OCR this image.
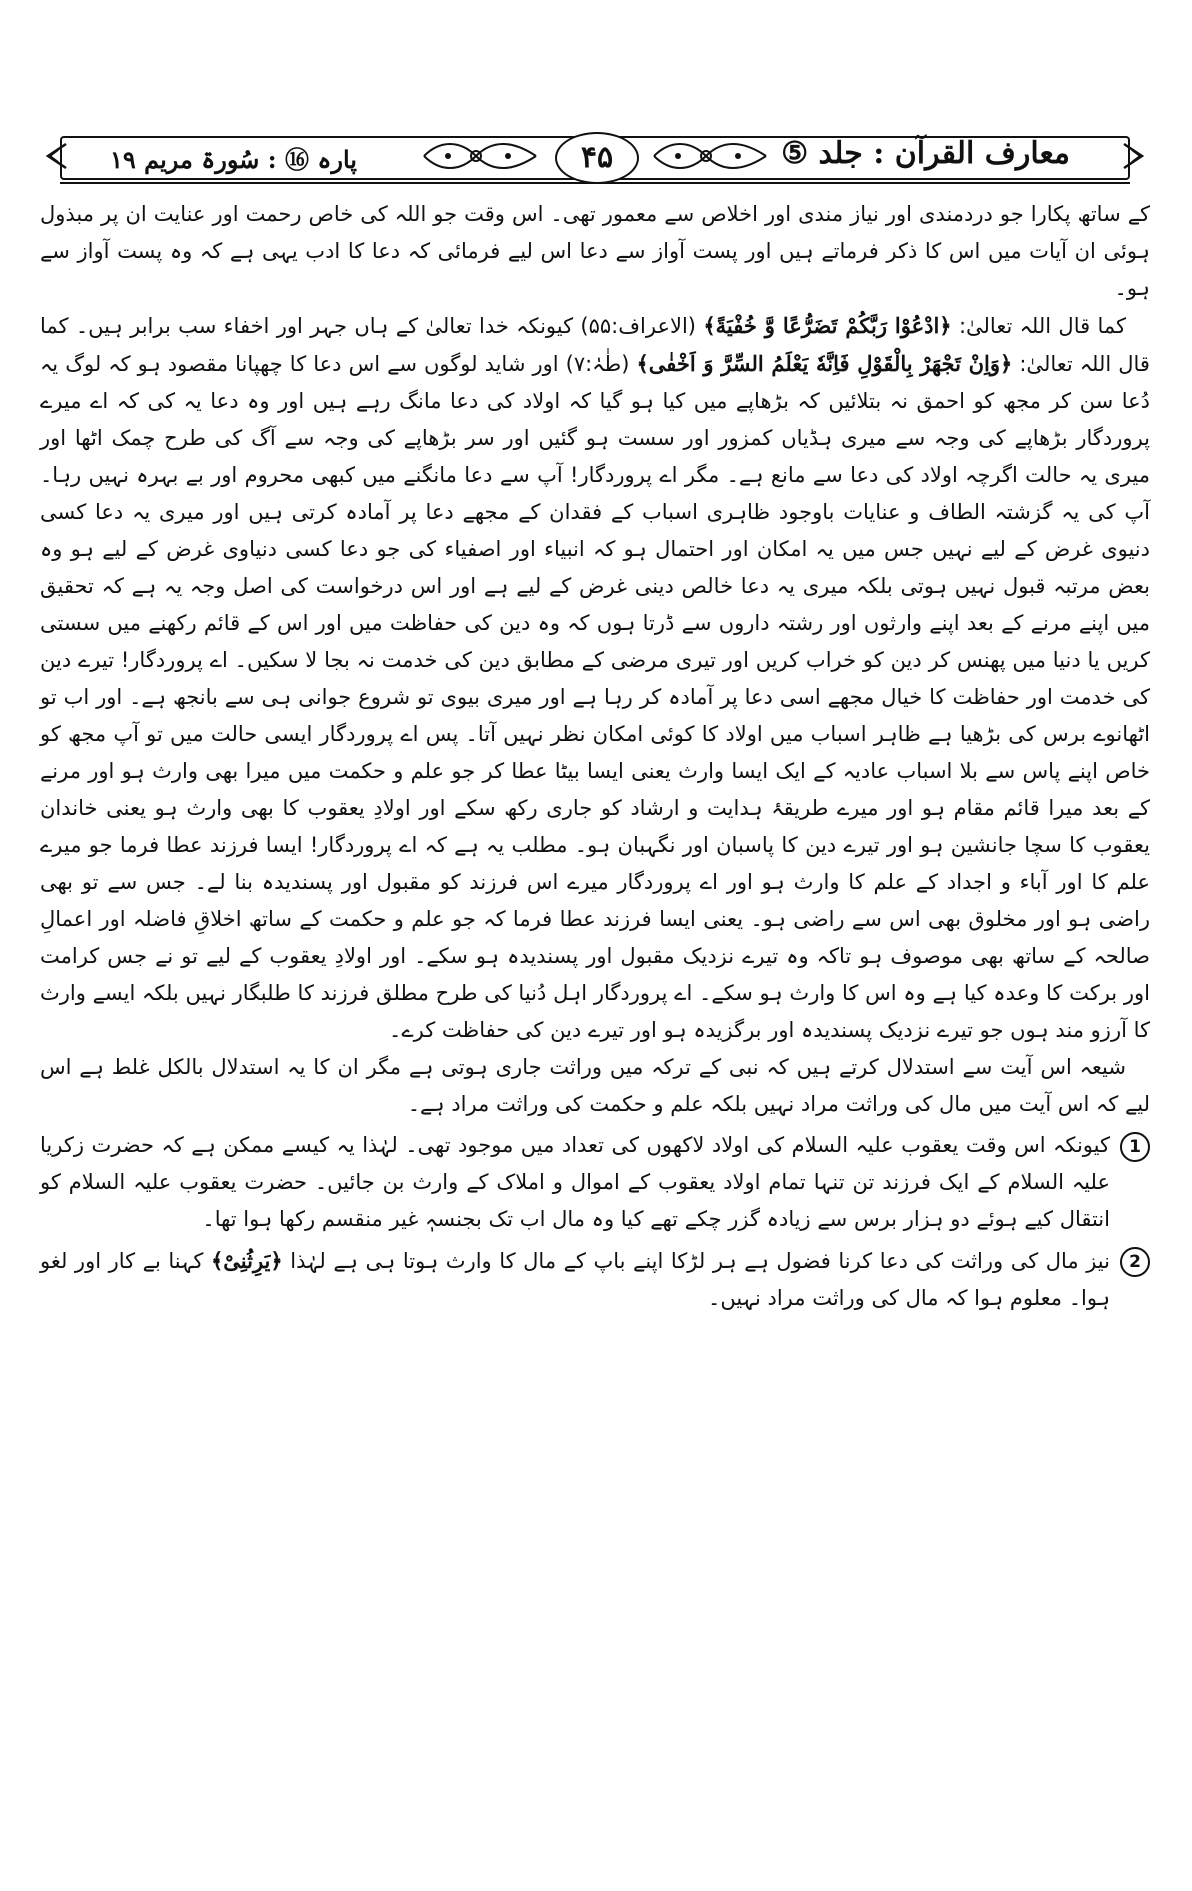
معارف القرآن : جلد ⑤
۴۵
پارہ ⑯ : سُورۃ مریم ۱۹

کے ساتھ پکارا جو دردمندی اور نیاز مندی اور اخلاص سے معمور تھی۔ اس وقت جو اللہ کی خاص رحمت اور عنایت ان پر مبذول ہوئی ان آیات میں اس کا ذکر فرماتے ہیں اور پست آواز سے دعا اس لیے فرمائی کہ دعا کا ادب یہی ہے کہ وہ پست آواز سے ہو۔

کما قال اللہ تعالیٰ: ﴿ادْعُوْا رَبَّكُمْ تَضَرُّعًا وَّ خُفْيَةً﴾ (الاعراف:۵۵) کیونکہ خدا تعالیٰ کے ہاں جہر اور اخفاء سب برابر ہیں۔ کما قال اللہ تعالیٰ: ﴿وَاِنْ تَجْهَرْ بِالْقَوْلِ فَاِنَّهٗ يَعْلَمُ السِّرَّ وَ اَخْفٰى﴾ (طٰہٰ:۷) اور شاید لوگوں سے اس دعا کا چھپانا مقصود ہو کہ لوگ یہ دُعا سن کر مجھ کو احمق نہ بتلائیں کہ بڑھاپے میں کیا ہو گیا کہ اولاد کی دعا مانگ رہے ہیں اور وہ دعا یہ کی کہ اے میرے پروردگار بڑھاپے کی وجہ سے میری ہڈیاں کمزور اور سست ہو گئیں اور سر بڑھاپے کی وجہ سے آگ کی طرح چمک اٹھا اور میری یہ حالت اگرچہ اولاد کی دعا سے مانع ہے۔ مگر اے پروردگار! آپ سے دعا مانگنے میں کبھی محروم اور بے بہرہ نہیں رہا۔ آپ کی یہ گزشتہ الطاف و عنایات باوجود ظاہری اسباب کے فقدان کے مجھے دعا پر آمادہ کرتی ہیں اور میری یہ دعا کسی دنیوی غرض کے لیے نہیں جس میں یہ امکان اور احتمال ہو کہ انبیاء اور اصفیاء کی جو دعا کسی دنیاوی غرض کے لیے ہو وہ بعض مرتبہ قبول نہیں ہوتی بلکہ میری یہ دعا خالص دینی غرض کے لیے ہے اور اس درخواست کی اصل وجہ یہ ہے کہ تحقیق میں اپنے مرنے کے بعد اپنے وارثوں اور رشتہ داروں سے ڈرتا ہوں کہ وہ دین کی حفاظت میں اور اس کے قائم رکھنے میں سستی کریں یا دنیا میں پھنس کر دین کو خراب کریں اور تیری مرضی کے مطابق دین کی خدمت نہ بجا لا سکیں۔ اے پروردگار! تیرے دین کی خدمت اور حفاظت کا خیال مجھے اسی دعا پر آمادہ کر رہا ہے اور میری بیوی تو شروع جوانی ہی سے بانجھ ہے۔ اور اب تو اٹھانوے برس کی بڑھیا ہے ظاہر اسباب میں اولاد کا کوئی امکان نظر نہیں آتا۔ پس اے پروردگار ایسی حالت میں تو آپ مجھ کو خاص اپنے پاس سے بلا اسباب عادیہ کے ایک ایسا وارث یعنی ایسا بیٹا عطا کر جو علم و حکمت میں میرا بھی وارث ہو اور مرنے کے بعد میرا قائم مقام ہو اور میرے طریقۂ ہدایت و ارشاد کو جاری رکھ سکے اور اولادِ یعقوب کا بھی وارث ہو یعنی خاندان یعقوب کا سچا جانشین ہو اور تیرے دین کا پاسبان اور نگہبان ہو۔ مطلب یہ ہے کہ اے پروردگار! ایسا فرزند عطا فرما جو میرے علم کا اور آباء و اجداد کے علم کا وارث ہو اور اے پروردگار میرے اس فرزند کو مقبول اور پسندیدہ بنا لے۔ جس سے تو بھی راضی ہو اور مخلوق بھی اس سے راضی ہو۔ یعنی ایسا فرزند عطا فرما کہ جو علم و حکمت کے ساتھ اخلاقِ فاضلہ اور اعمالِ صالحہ کے ساتھ بھی موصوف ہو تاکہ وہ تیرے نزدیک مقبول اور پسندیدہ ہو سکے۔ اور اولادِ یعقوب کے لیے تو نے جس کرامت اور برکت کا وعدہ کیا ہے وہ اس کا وارث ہو سکے۔ اے پروردگار اہل دُنیا کی طرح مطلق فرزند کا طلبگار نہیں بلکہ ایسے وارث کا آرزو مند ہوں جو تیرے نزدیک پسندیدہ اور برگزیدہ ہو اور تیرے دین کی حفاظت کرے۔

شیعہ اس آیت سے استدلال کرتے ہیں کہ نبی کے ترکہ میں وراثت جاری ہوتی ہے مگر ان کا یہ استدلال بالکل غلط ہے اس لیے کہ اس آیت میں مال کی وراثت مراد نہیں بلکہ علم و حکمت کی وراثت مراد ہے۔

1
کیونکہ اس وقت یعقوب علیہ السلام کی اولاد لاکھوں کی تعداد میں موجود تھی۔ لہٰذا یہ کیسے ممکن ہے کہ حضرت زکریا علیہ السلام کے ایک فرزند تن تنہا تمام اولاد یعقوب کے اموال و املاک کے وارث بن جائیں۔ حضرت یعقوب علیہ السلام کو انتقال کیے ہوئے دو ہزار برس سے زیادہ گزر چکے تھے کیا وہ مال اب تک بجنسہٖ غیر منقسم رکھا ہوا تھا۔
2
نیز مال کی وراثت کی دعا کرنا فضول ہے ہر لڑکا اپنے باپ کے مال کا وارث ہوتا ہی ہے لہٰذا ﴿يَرِثُنِىْ﴾ کہنا بے کار اور لغو ہوا۔ معلوم ہوا کہ مال کی وراثت مراد نہیں۔
